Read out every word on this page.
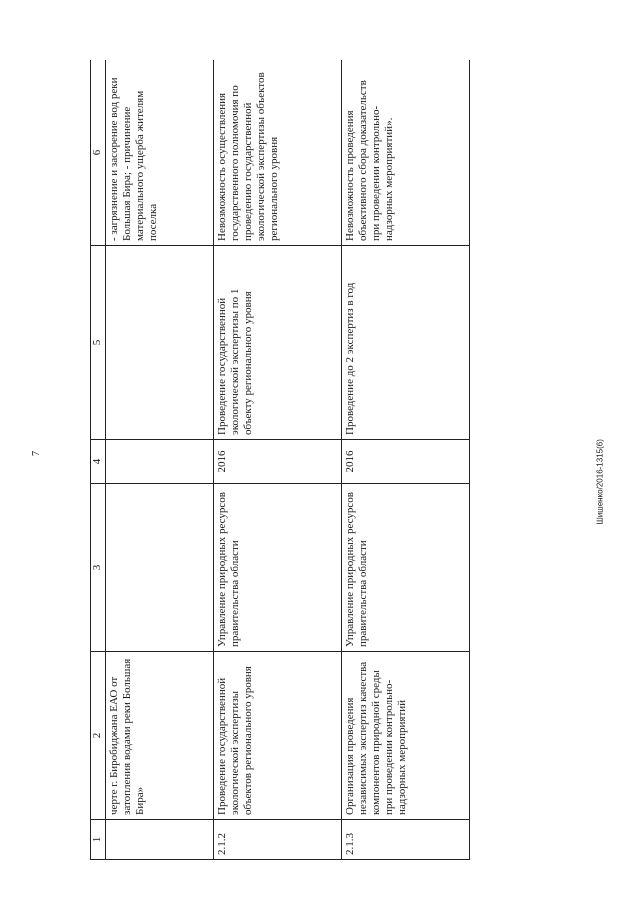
7
1	2	3	4	5	6
	черте г. Биробиджана ЕАО от затопления водами реки Большая Бира»				- загрязнение и засорение вод реки Большая Бира; - причинение материального ущерба жителям поселка
2.1.2	Проведение государственной экологической экспертизы объектов регионального уровня	Управление природных ресурсов правительства области	2016	Проведение государственной экологической экспертизы по 1 объекту регионального уровня	Невозможность осуществления государственного полномочия по проведению государственной экологической экспертизы объектов регионального уровня
2.1.3	Организация проведения независимых экспертиз качества компонентов природной среды при проведении контрольно-надзорных мероприятий	Управление природных ресурсов правительства области	2016	Проведение до 2 экспертиз в год	Невозможность проведения объективного сбора доказательств при проведении контрольно-надзорных мероприятий».
Шишенко/2016-1315(6)
